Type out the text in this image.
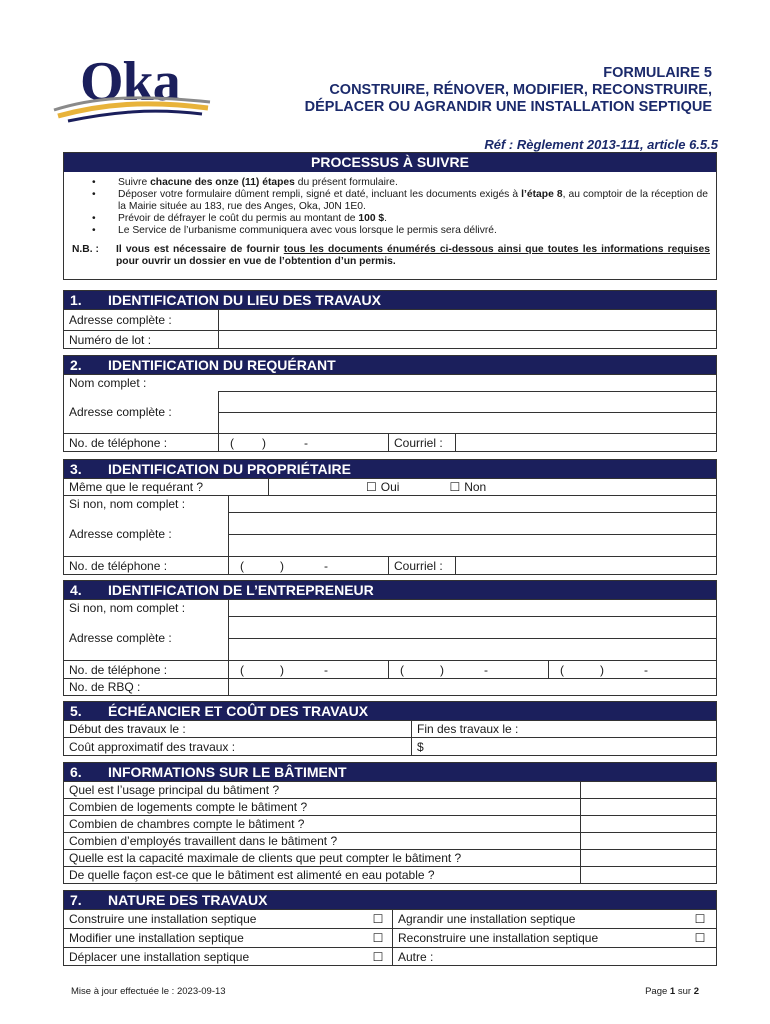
Oka	FORMULAIRE 5
CONSTRUIRE, RÉNOVER, MODIFIER, RECONSTRUIRE,
DÉPLACER OU AGRANDIR UNE INSTALLATION SEPTIQUE
Réf : Règlement 2013-111, article 6.5.5
PROCESSUS À SUIVRE
• Suivre chacune des onze (11) étapes du présent formulaire.
• Déposer votre formulaire dûment rempli, signé et daté, incluant les documents exigés à l’étape 8, au comptoir de la réception de la Mairie située au 183, rue des Anges, Oka, J0N 1E0.
• Prévoir de défrayer le coût du permis au montant de 100 $.
• Le Service de l’urbanisme communiquera avec vous lorsque le permis sera délivré.
N.B. :	Il vous est nécessaire de fournir tous les documents énumérés ci-dessous ainsi que toutes les informations requises pour ouvrir un dossier en vue de l’obtention d’un permis.
1. IDENTIFICATION DU LIEU DES TRAVAUX
Adresse complète :
Numéro de lot :
2. IDENTIFICATION DU REQUÉRANT
Nom complet :
Adresse complète :
No. de téléphone :	( )	-	Courriel :
3. IDENTIFICATION DU PROPRIÉTAIRE
Même que le requérant ?	☐ Oui	☐ Non
Si non, nom complet :
Adresse complète :
No. de téléphone :	(	)	-	Courriel :
4. IDENTIFICATION DE L’ENTREPRENEUR
Si non, nom complet :
Adresse complète :
No. de téléphone :	(	)	-	(	)	-	(	)	-
No. de RBQ :
5. ÉCHÉANCIER ET COÛT DES TRAVAUX
Début des travaux le :	Fin des travaux le :
Coût approximatif des travaux :	$
6. INFORMATIONS SUR LE BÂTIMENT
Quel est l’usage principal du bâtiment ?
Combien de logements compte le bâtiment ?
Combien de chambres compte le bâtiment ?
Combien d’employés travaillent dans le bâtiment ?
Quelle est la capacité maximale de clients que peut compter le bâtiment ?
De quelle façon est-ce que le bâtiment est alimenté en eau potable ?
7. NATURE DES TRAVAUX
Construire une installation septique	☐	Agrandir une installation septique	☐
Modifier une installation septique	☐	Reconstruire une installation septique	☐
Déplacer une installation septique	☐	Autre :
Mise à jour effectuée le : 2023-09-13	Page 1 sur 2
